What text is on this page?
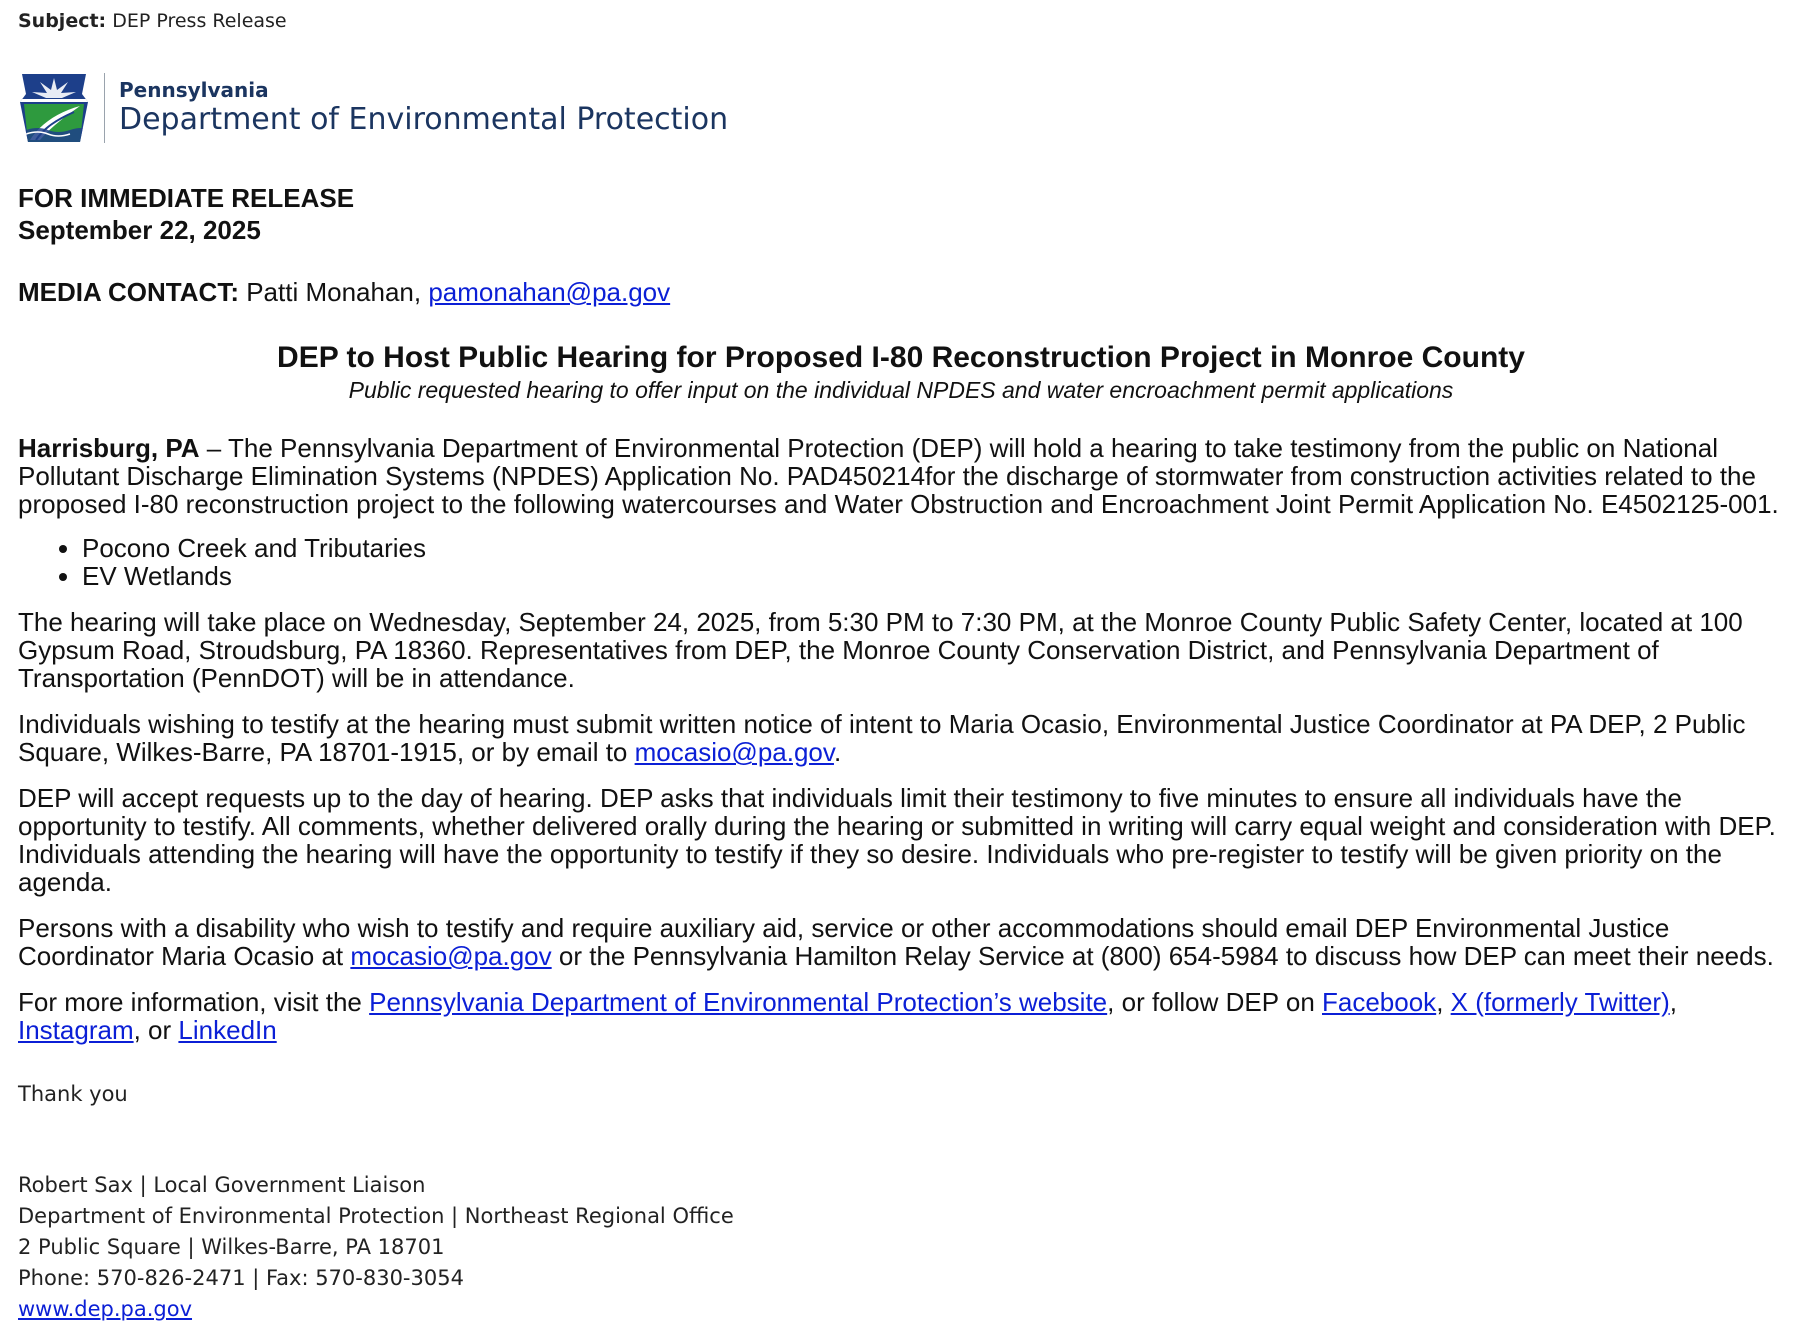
Subject: DEP Press Release
Pennsylvania
Department of Environmental Protection
FOR IMMEDIATE RELEASE
September 22, 2025
MEDIA CONTACT: Patti Monahan, pamonahan@pa.gov
DEP to Host Public Hearing for Proposed I-80 Reconstruction Project in Monroe County
Public requested hearing to offer input on the individual NPDES and water encroachment permit applications

Harrisburg, PA – The Pennsylvania Department of Environmental Protection (DEP) will hold a hearing to take testimony from the public on National Pollutant Discharge Elimination Systems (NPDES) Application No. PAD450214for the discharge of stormwater from construction activities related to the proposed I-80 reconstruction project to the following watercourses and Water Obstruction and Encroachment Joint Permit Application No. E4502125-001.

• Pocono Creek and Tributaries
• EV Wetlands

The hearing will take place on Wednesday, September 24, 2025, from 5:30 PM to 7:30 PM, at the Monroe County Public Safety Center, located at 100 Gypsum Road, Stroudsburg, PA 18360. Representatives from DEP, the Monroe County Conservation District, and Pennsylvania Department of Transportation (PennDOT) will be in attendance.

Individuals wishing to testify at the hearing must submit written notice of intent to Maria Ocasio, Environmental Justice Coordinator at PA DEP, 2 Public Square, Wilkes-Barre, PA 18701-1915, or by email to mocasio@pa.gov.

DEP will accept requests up to the day of hearing. DEP asks that individuals limit their testimony to five minutes to ensure all individuals have the opportunity to testify. All comments, whether delivered orally during the hearing or submitted in writing will carry equal weight and consideration with DEP. Individuals attending the hearing will have the opportunity to testify if they so desire. Individuals who pre-register to testify will be given priority on the agenda.

Persons with a disability who wish to testify and require auxiliary aid, service or other accommodations should email DEP Environmental Justice Coordinator Maria Ocasio at mocasio@pa.gov or the Pennsylvania Hamilton Relay Service at (800) 654-5984 to discuss how DEP can meet their needs.

For more information, visit the Pennsylvania Department of Environmental Protection’s website, or follow DEP on Facebook, X (formerly Twitter), Instagram, or LinkedIn

Thank you
Robert Sax | Local Government Liaison
Department of Environmental Protection | Northeast Regional Office
2 Public Square | Wilkes-Barre, PA 18701
Phone: 570-826-2471 | Fax: 570-830-3054
www.dep.pa.gov
